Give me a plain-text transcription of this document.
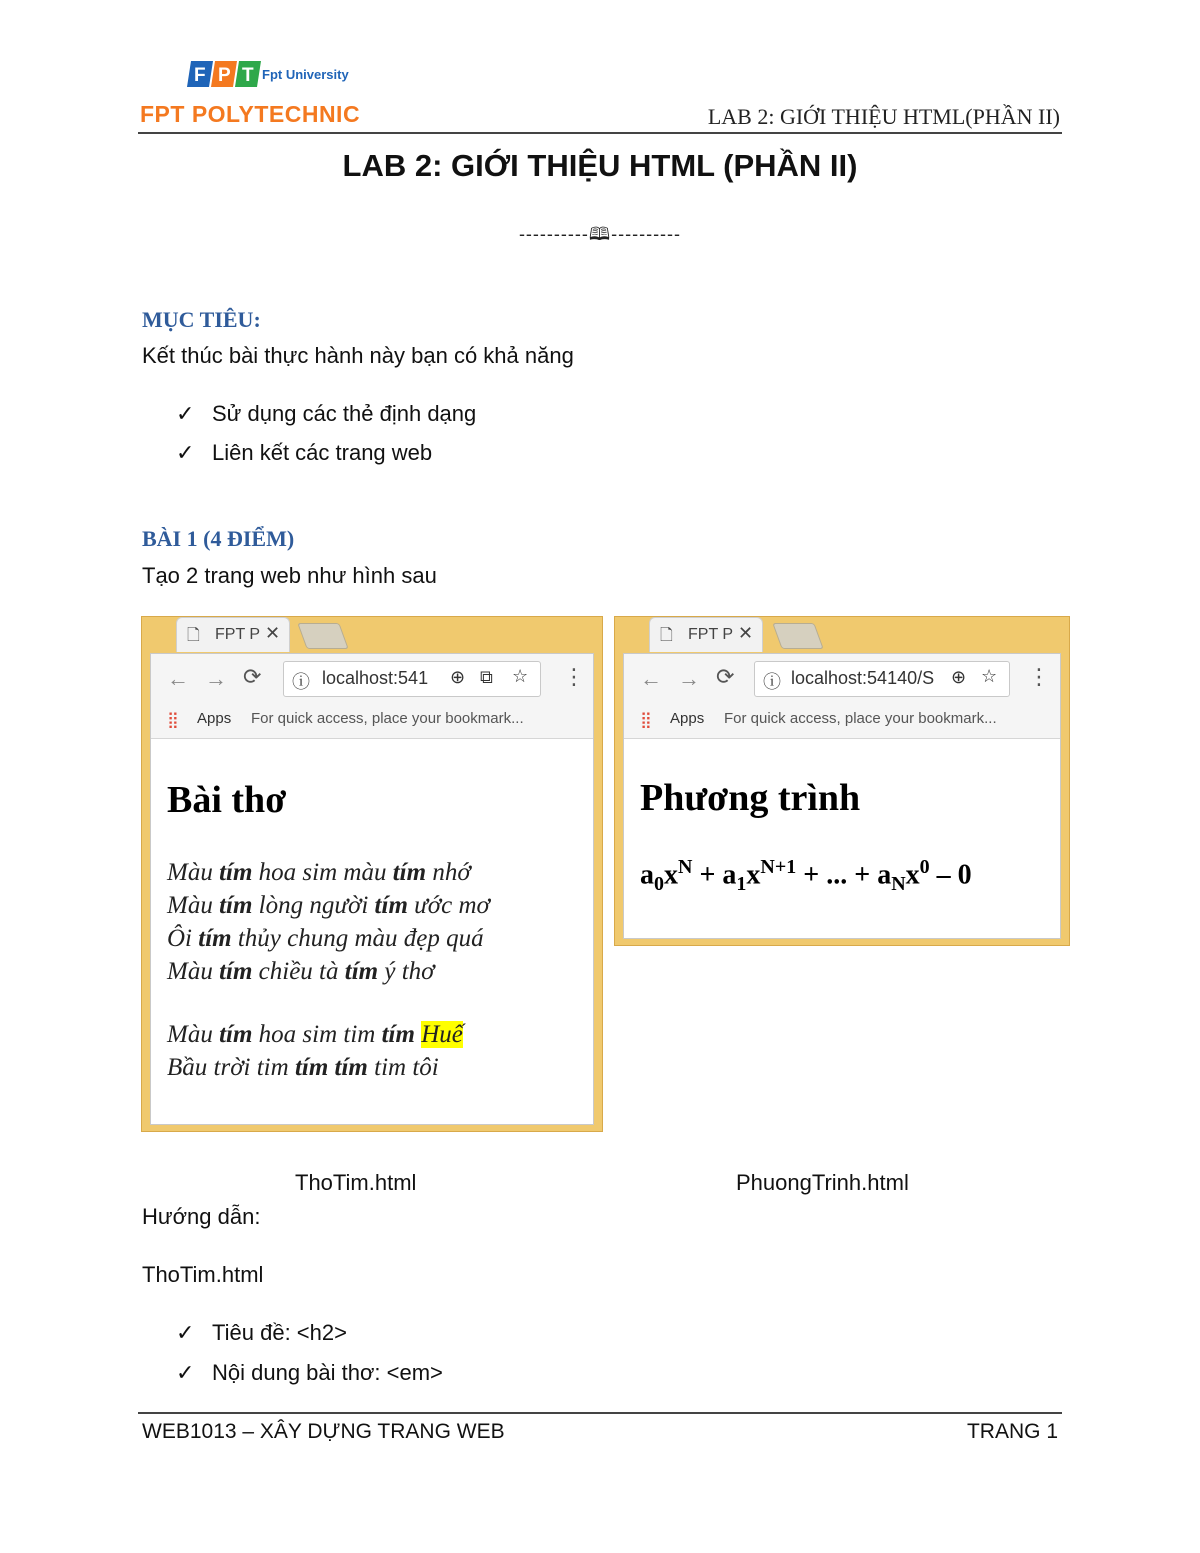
F P T Fpt University
FPT POLYTECHNIC	LAB 2: GIỚI THIỆU HTML(PHẦN II)
LAB 2: GIỚI THIỆU HTML (PHẦN II)
----------🕮----------
MỤC TIÊU:
Kết thúc bài thực hành này bạn có khả năng
✓ Sử dụng các thẻ định dạng
✓ Liên kết các trang web
BÀI 1 (4 ĐIỂM)
Tạo 2 trang web như hình sau
🗋 FPT P ✕
← → ⟳ ⓘ localhost:541	⊕ ⧉ ☆ ⋮
⣿ Apps For quick access, place your bookmark...
Bài thơ
Màu tím hoa sim màu tím nhớ
Màu tím lòng người tím ước mơ
Ôi tím thủy chung màu đẹp quá
Màu tím chiều tà tím ý thơ
Màu tím hoa sim tim tím Huế
Bầu trời tim tím tím tim tôi
🗋 FPT P ✕
← → ⟳ ⓘ localhost:54140/S ⊕ ☆ ⋮
⣿ Apps For quick access, place your bookmark...
Phương trình
$a_0x^N + a_1x^{N+1}$ + ... + $a_Nx^0 - 0$
ThoTim.html	PhuongTrinh.html
Hướng dẫn:
ThoTim.html
✓ Tiêu đề: <h2>
✓ Nội dung bài thơ: <em>
WEB1013 – XÂY DỰNG TRANG WEB	TRANG 1
